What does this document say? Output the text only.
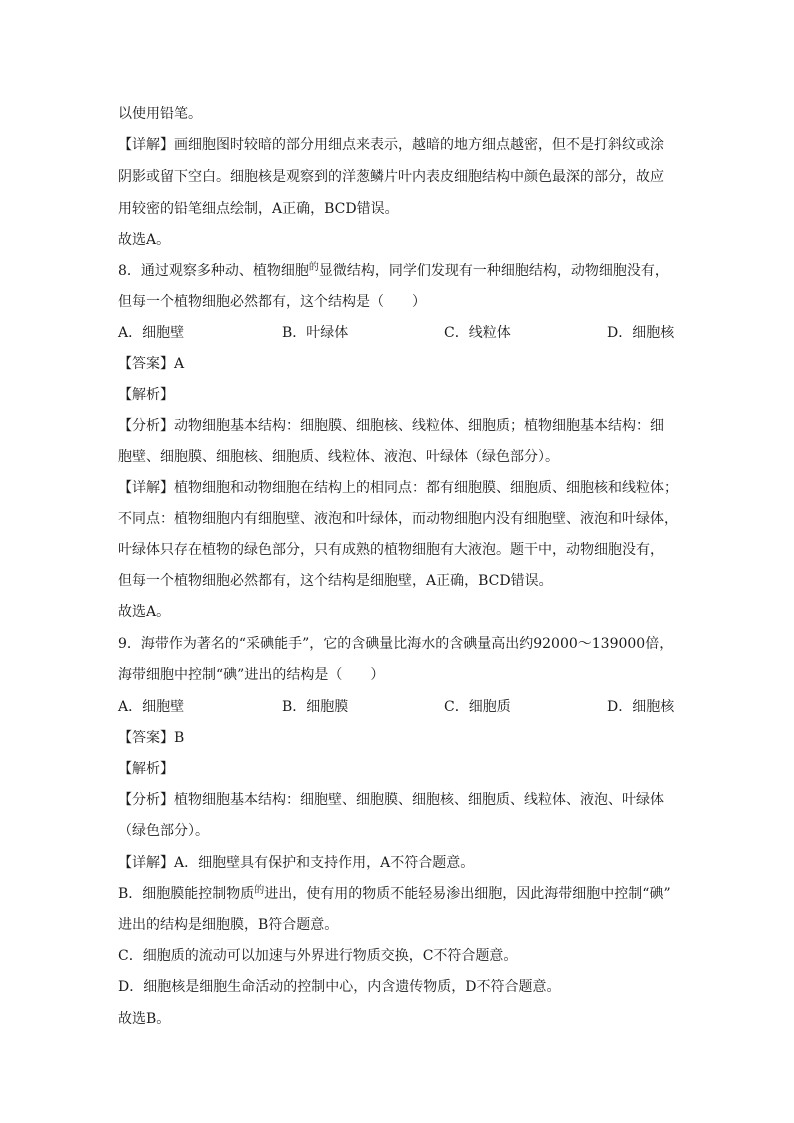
以使用铅笔。
【详解】画细胞图时较暗的部分用细点来表示，越暗的地方细点越密，但不是打斜纹或涂
阴影或留下空白。细胞核是观察到的洋葱鳞片叶内表皮细胞结构中颜色最深的部分，故应
用较密的铅笔细点绘制，A正确，BCD错误。
故选A。
8．通过观察多种动、植物细胞$^的$显微结构，同学们发现有一种细胞结构，动物细胞没有，
但每一个植物细胞必然都有，这个结构是（　　）
A．细胞壁	B．叶绿体	C．线粒体	D．细胞核
【答案】A
【解析】
【分析】动物细胞基本结构：细胞膜、细胞核、线粒体、细胞质；植物细胞基本结构：细
胞壁、细胞膜、细胞核、细胞质、线粒体、液泡、叶绿体（绿色部分）。
【详解】植物细胞和动物细胞在结构上的相同点：都有细胞膜、细胞质、细胞核和线粒体；
不同点：植物细胞内有细胞壁、液泡和叶绿体，而动物细胞内没有细胞壁、液泡和叶绿体，
叶绿体只存在植物的绿色部分，只有成熟的植物细胞有大液泡。题干中，动物细胞没有，
但每一个植物细胞必然都有，这个结构是细胞壁，A正确，BCD错误。
故选A。
9．海带作为著名的“采碘能手”，它的含碘量比海水的含碘量高出约92000～139000倍，
海带细胞中控制“碘”进出的结构是（　　）
A．细胞壁	B．细胞膜	C．细胞质	D．细胞核
【答案】B
【解析】
【分析】植物细胞基本结构：细胞壁、细胞膜、细胞核、细胞质、线粒体、液泡、叶绿体
（绿色部分）。
【详解】A．细胞壁具有保护和支持作用，A不符合题意。
B．细胞膜能控制物质$^的$进出，使有用的物质不能轻易渗出细胞，因此海带细胞中控制“碘”
进出的结构是细胞膜，B符合题意。
C．细胞质的流动可以加速与外界进行物质交换，C不符合题意。
D．细胞核是细胞生命活动的控制中心，内含遗传物质，D不符合题意。
故选B。
